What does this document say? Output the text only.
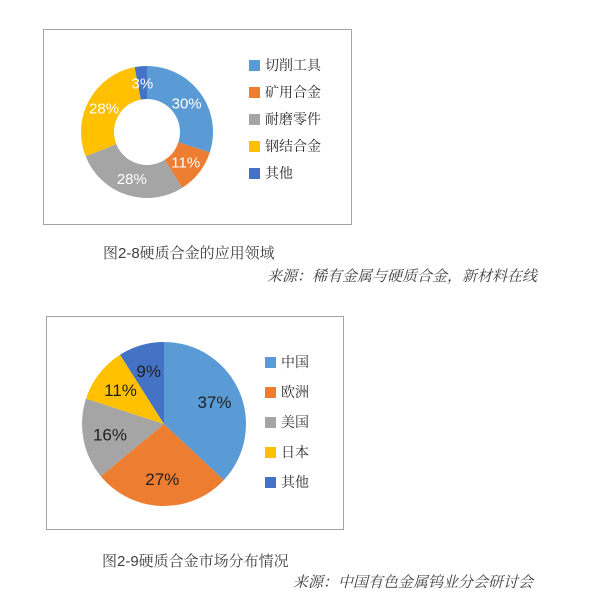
30%
11%
28%
28%
3%
切削工具
矿用合金
耐磨零件
钢结合金
其他
图2-8硬质合金的应用领域
来源：稀有金属与硬质合金，新材料在线
37%
27%
16%
11%
9%
中国
欧洲
美国
日本
其他
图2-9硬质合金市场分布情况
来源：中国有色金属钨业分会研讨会
